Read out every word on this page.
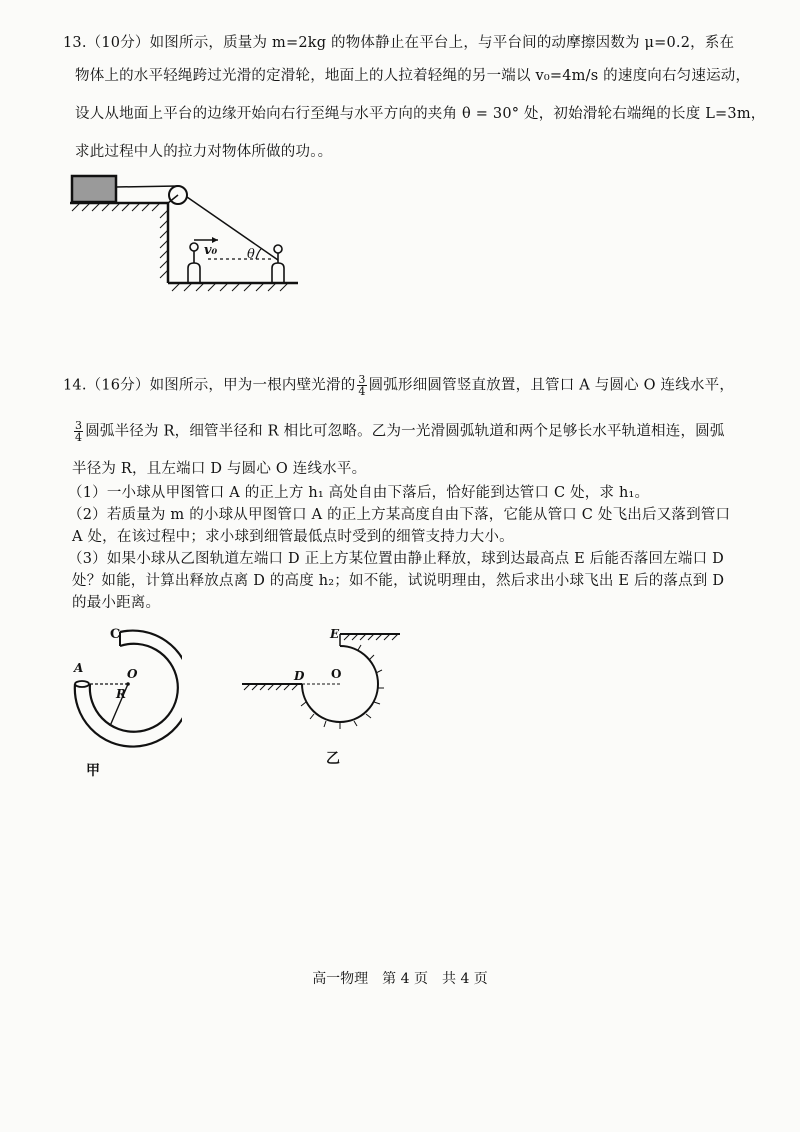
13.（10分）如图所示，质量为 m=2kg 的物体静止在平台上，与平台间的动摩擦因数为 μ=0.2，系在
物体上的水平轻绳跨过光滑的定滑轮，地面上的人拉着轻绳的另一端以 v₀=4m/s 的速度向右匀速运动，
设人从地面上平台的边缘开始向右行至绳与水平方向的夹角 θ = 30° 处，初始滑轮右端绳的长度 L=3m，
求此过程中人的拉力对物体所做的功。。
v₀ θ
14.（16分）如图所示，甲为一根内壁光滑的 $\frac{3}{4}$ 圆弧形细圆管竖直放置，且管口 A 与圆心 O 连线水平，
$\frac{3}{4}$ 圆弧半径为 R，细管半径和 R 相比可忽略。乙为一光滑圆弧轨道和两个足够长水平轨道相连，圆弧
半径为 R，且左端口 D 与圆心 O 连线水平。
（1）一小球从甲图管口 A 的正上方 h₁ 高处自由下落后，恰好能到达管口 C 处，求 h₁。
（2）若质量为 m 的小球从甲图管口 A 的正上方某高度自由下落，它能从管口 C 处飞出后又落到管口
A 处，在该过程中；求小球到细管最低点时受到的细管支持力大小。
（3）如果小球从乙图轨道左端口 D 正上方某位置由静止释放，球到达最高点 E 后能否落回左端口 D
处？如能，计算出释放点离 D 的高度 h₂；如不能，试说明理由，然后求出小球飞出 E 后的落点到 D
的最小距离。
C
A	O
R
甲
E
D O
乙
高一物理　第 4 页　共 4 页
